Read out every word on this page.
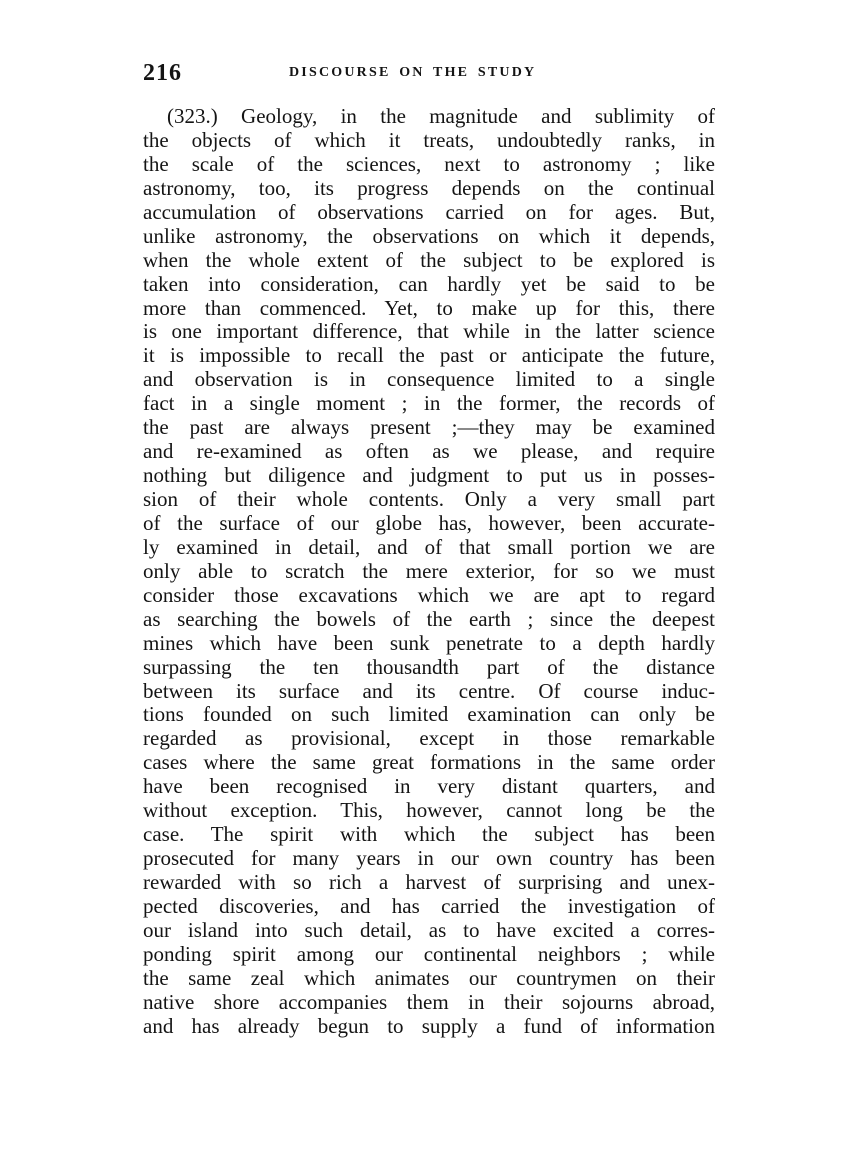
216	DISCOURSE ON THE STUDY
(323.) Geology, in the magnitude and sublimity of
the objects of which it treats, undoubtedly ranks, in
the scale of the sciences, next to astronomy ; like
astronomy, too, its progress depends on the continual
accumulation of observations carried on for ages. But,
unlike astronomy, the observations on which it depends,
when the whole extent of the subject to be explored is
taken into consideration, can hardly yet be said to be
more than commenced. Yet, to make up for this, there
is one important difference, that while in the latter science
it is impossible to recall the past or anticipate the future,
and observation is in consequence limited to a single
fact in a single moment ; in the former, the records of
the past are always present ;—they may be examined
and re-examined as often as we please, and require
nothing but diligence and judgment to put us in posses-
sion of their whole contents. Only a very small part
of the surface of our globe has, however, been accurate-
ly examined in detail, and of that small portion we are
only able to scratch the mere exterior, for so we must
consider those excavations which we are apt to regard
as searching the bowels of the earth ; since the deepest
mines which have been sunk penetrate to a depth hardly
surpassing the ten thousandth part of the distance
between its surface and its centre. Of course induc-
tions founded on such limited examination can only be
regarded as provisional, except in those remarkable
cases where the same great formations in the same order
have been recognised in very distant quarters, and
without exception. This, however, cannot long be the
case. The spirit with which the subject has been
prosecuted for many years in our own country has been
rewarded with so rich a harvest of surprising and unex-
pected discoveries, and has carried the investigation of
our island into such detail, as to have excited a corres-
ponding spirit among our continental neighbors ; while
the same zeal which animates our countrymen on their
native shore accompanies them in their sojourns abroad,
and has already begun to supply a fund of information
